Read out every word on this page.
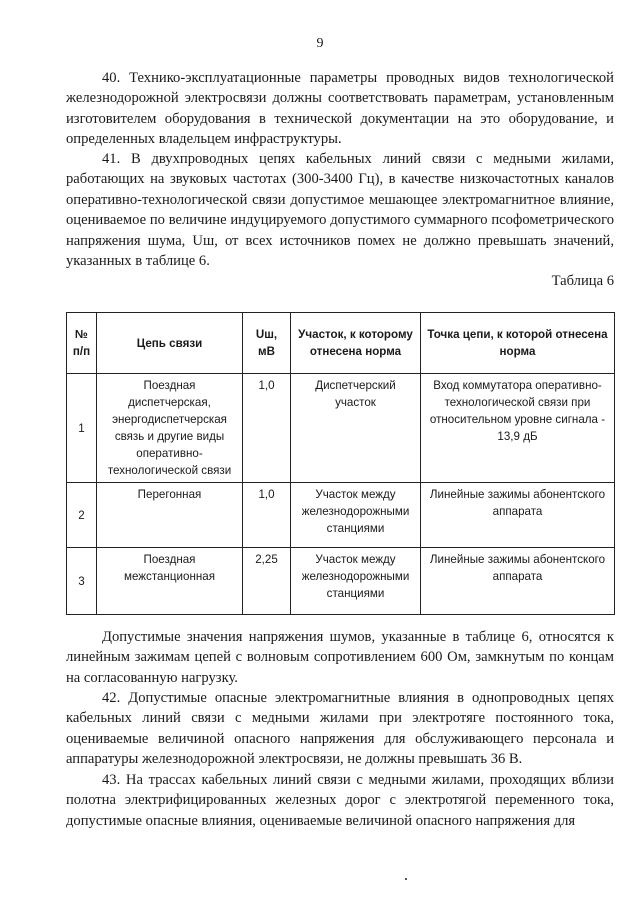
9

40. Технико-эксплуатационные параметры проводных видов технологической железнодорожной электросвязи должны соответствовать параметрам, установленным изготовителем оборудования в технической документации на это оборудование, и определенных владельцем инфраструктуры.

41. В двухпроводных цепях кабельных линий связи с медными жилами, работающих на звуковых частотах (300-3400 Гц), в качестве низкочастотных каналов оперативно-технологической связи допустимое мешающее электромагнитное влияние, оцениваемое по величине индуцируемого допустимого суммарного псофометрического напряжения шума, Uш, от всех источников помех не должно превышать значений, указанных в таблице 6.

Таблица 6
№ п/п	Цепь связи	Uш, мВ	Участок, к которому отнесена норма	Точка цепи, к которой отнесена норма
1	Поездная диспетчерская, энергодиспетчерская связь и другие виды оперативно-технологической связи	1,0	Диспетчерский участок	Вход коммутатора оперативно-технологической связи при относительном уровне сигнала - 13,9 дБ
2	Перегонная	1,0	Участок между железнодорожными станциями	Линейные зажимы абонентского аппарата
3	Поездная межстанционная	2,25	Участок между железнодорожными станциями	Линейные зажимы абонентского аппарата

Допустимые значения напряжения шумов, указанные в таблице 6, относятся к линейным зажимам цепей с волновым сопротивлением 600 Ом, замкнутым по концам на согласованную нагрузку.

42. Допустимые опасные электромагнитные влияния в однопроводных цепях кабельных линий связи с медными жилами при электротяге постоянного тока, оцениваемые величиной опасного напряжения для обслуживающего персонала и аппаратуры железнодорожной электросвязи, не должны превышать 36 В.

43. На трассах кабельных линий связи с медными жилами, проходящих вблизи полотна электрифицированных железных дорог с электротягой переменного тока, допустимые опасные влияния, оцениваемые величиной опасного напряжения для
